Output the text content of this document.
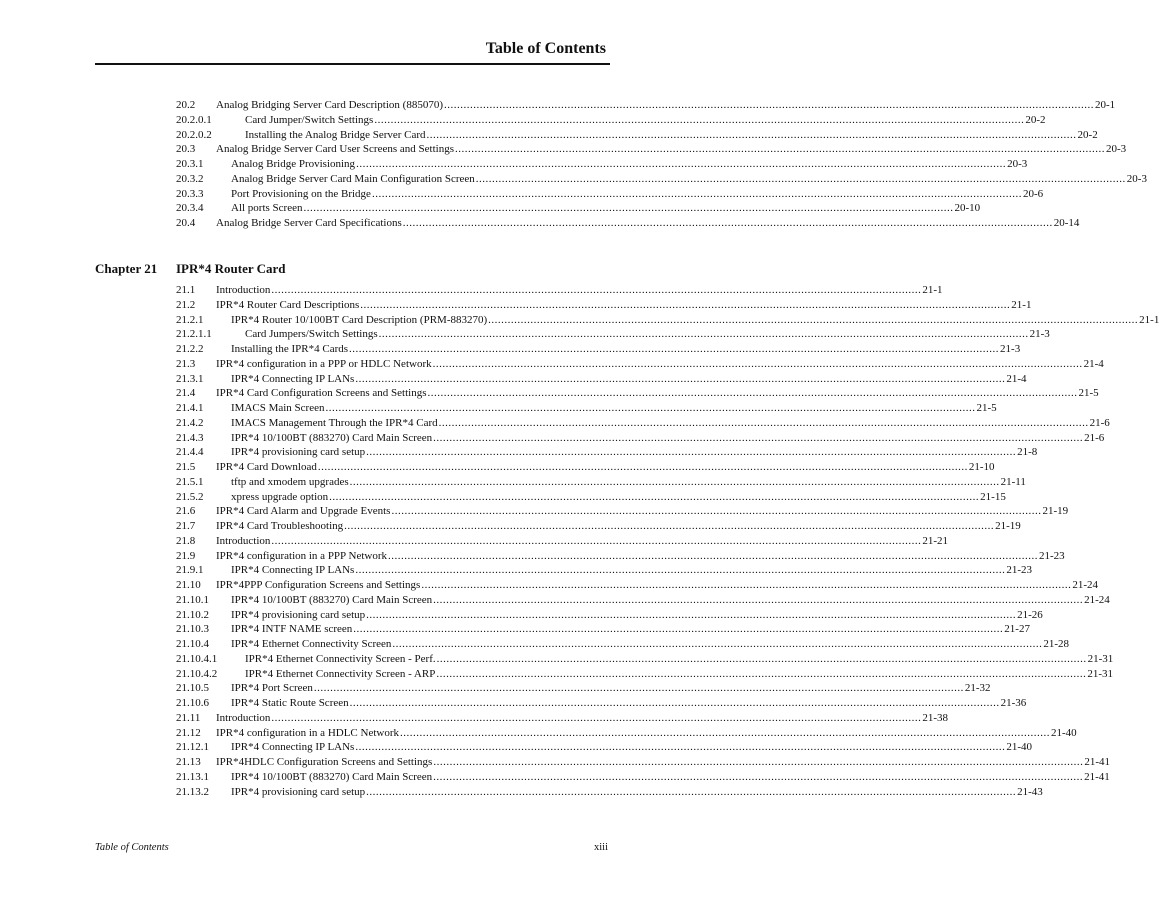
Table of Contents
20.2 Analog Bridging Server Card Description (885070) ........................................................................................................................................................................................................ 20-1
20.2.0.1	Card Jumper/Switch Settings ........................................................................................................................................................................................................ 20-2
20.2.0.2	Installing the Analog Bridge Server Card ........................................................................................................................................................................................................ 20-2
20.3 Analog Bridge Server Card User Screens and Settings ........................................................................................................................................................................................................ 20-3
20.3.1	Analog Bridge Provisioning ........................................................................................................................................................................................................ 20-3
20.3.2	Analog Bridge Server Card Main Configuration Screen ........................................................................................................................................................................................................ 20-3
20.3.3	Port Provisioning on the Bridge ........................................................................................................................................................................................................ 20-6
20.3.4	All ports Screen ........................................................................................................................................................................................................ 20-10
20.4 Analog Bridge Server Card Specifications ........................................................................................................................................................................................................ 20-14
Chapter 21 IPR*4 Router Card
21.1 Introduction ........................................................................................................................................................................................................ 21-1
21.2 IPR*4 Router Card Descriptions ........................................................................................................................................................................................................ 21-1
21.2.1	IPR*4 Router 10/100BT Card Description (PRM-883270) ........................................................................................................................................................................................................ 21-1
21.2.1.1	Card Jumpers/Switch Settings ........................................................................................................................................................................................................ 21-3
21.2.2	Installing the IPR*4 Cards ........................................................................................................................................................................................................ 21-3
21.3 IPR*4 configuration in a PPP or HDLC Network ........................................................................................................................................................................................................ 21-4
21.3.1	IPR*4 Connecting IP LANs ........................................................................................................................................................................................................ 21-4
21.4 IPR*4 Card Configuration Screens and Settings ........................................................................................................................................................................................................ 21-5
21.4.1	IMACS Main Screen ........................................................................................................................................................................................................ 21-5
21.4.2	IMACS Management Through the IPR*4 Card ........................................................................................................................................................................................................ 21-6
21.4.3	IPR*4 10/100BT (883270) Card Main Screen ........................................................................................................................................................................................................ 21-6
21.4.4	IPR*4 provisioning card setup ........................................................................................................................................................................................................ 21-8
21.5 IPR*4 Card Download ........................................................................................................................................................................................................ 21-10
21.5.1	tftp and xmodem upgrades ........................................................................................................................................................................................................ 21-11
21.5.2	xpress upgrade option ........................................................................................................................................................................................................ 21-15
21.6 IPR*4 Card Alarm and Upgrade Events ........................................................................................................................................................................................................ 21-19
21.7 IPR*4 Card Troubleshooting ........................................................................................................................................................................................................ 21-19
21.8 Introduction ........................................................................................................................................................................................................ 21-21
21.9 IPR*4 configuration in a PPP Network ........................................................................................................................................................................................................ 21-23
21.9.1	IPR*4 Connecting IP LANs ........................................................................................................................................................................................................ 21-23
21.10 IPR*4PPP Configuration Screens and Settings ........................................................................................................................................................................................................ 21-24
21.10.1 IPR*4 10/100BT (883270) Card Main Screen ........................................................................................................................................................................................................ 21-24
21.10.2 IPR*4 provisioning card setup ........................................................................................................................................................................................................ 21-26
21.10.3 IPR*4 INTF NAME screen ........................................................................................................................................................................................................ 21-27
21.10.4 IPR*4 Ethernet Connectivity Screen ........................................................................................................................................................................................................ 21-28
21.10.4.1	IPR*4 Ethernet Connectivity Screen - Perf. ........................................................................................................................................................................................................ 21-31
21.10.4.2	IPR*4 Ethernet Connectivity Screen - ARP ........................................................................................................................................................................................................ 21-31
21.10.5 IPR*4 Port Screen ........................................................................................................................................................................................................ 21-32
21.10.6 IPR*4 Static Route Screen ........................................................................................................................................................................................................ 21-36
21.11 Introduction ........................................................................................................................................................................................................ 21-38
21.12 IPR*4 configuration in a HDLC Network ........................................................................................................................................................................................................ 21-40
21.12.1 IPR*4 Connecting IP LANs ........................................................................................................................................................................................................ 21-40
21.13 IPR*4HDLC Configuration Screens and Settings ........................................................................................................................................................................................................ 21-41
21.13.1 IPR*4 10/100BT (883270) Card Main Screen ........................................................................................................................................................................................................ 21-41
21.13.2 IPR*4 provisioning card setup ........................................................................................................................................................................................................ 21-43
Table of Contents	xiii
